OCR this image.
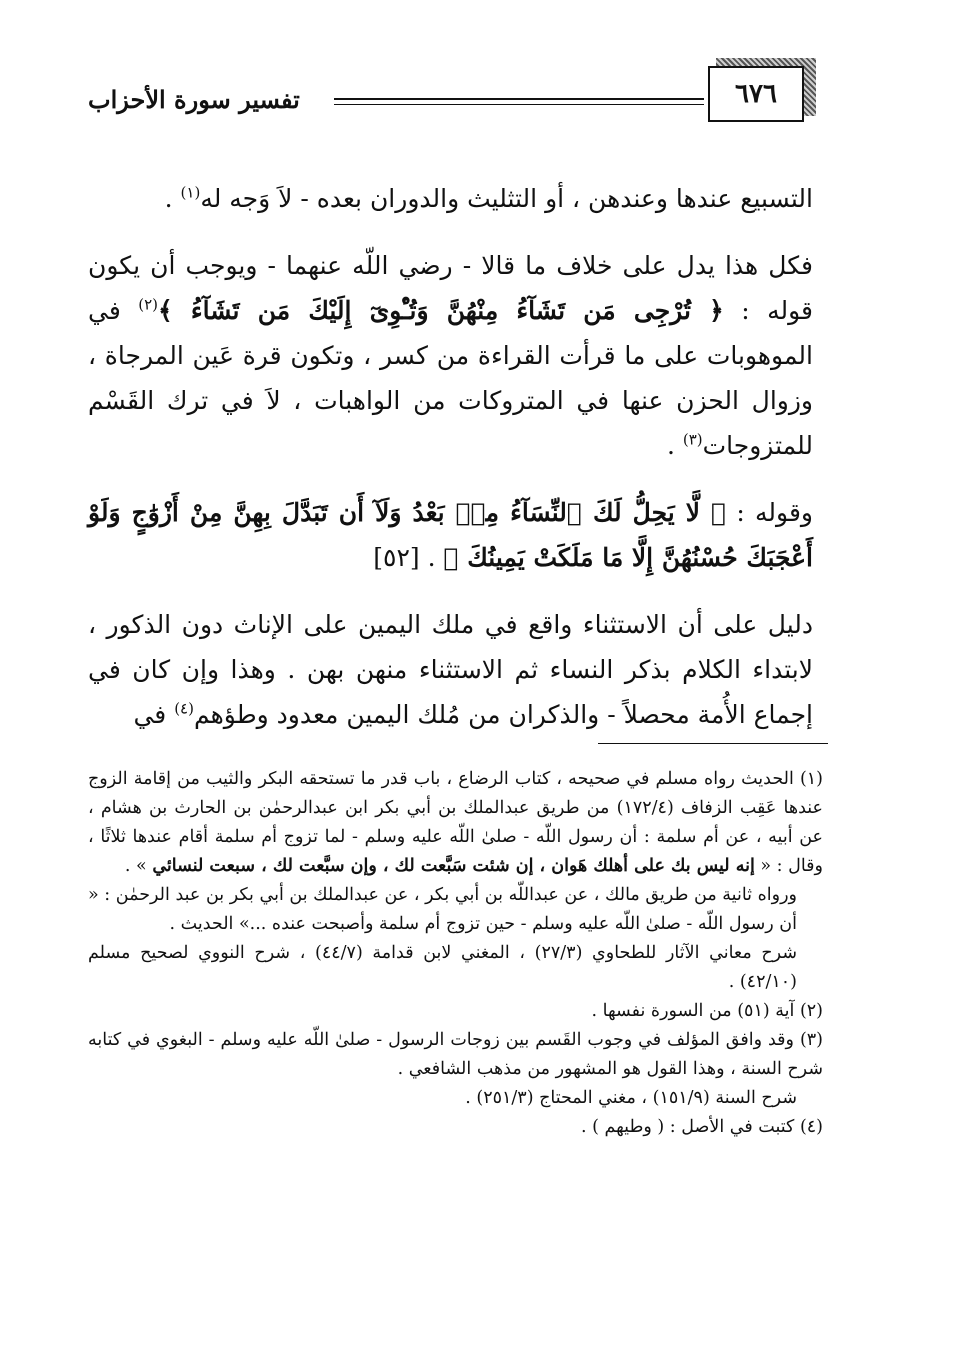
٦٧٦
تفسير سورة الأحزاب

التسبيع عندها وعندهن ، أو التثليث والدوران بعده - لاَ وَجه له$^{(١)}$ .

فكل هذا يدل على خلاف ما قالا - رضي اللّه عنهما - ويوجب أن يكون قوله : ﴿ تُرْجِى مَن تَشَآءُ مِنْهُنَّ وَتُـْٔوِىٓ إِلَيْكَ مَن تَشَآءُ ﴾$^{(٢)}$ في الموهوبات على ما قرأت القراءة من كسر ، وتكون قرة عَين المرجاة ، وزوال الحزن عنها في المتروكات من الواهبات ، لاَ في ترك القَسْم للمتزوجات$^{(٣)}$ .

وقوله : ﴿ لَّا يَحِلُّ لَكَ ٱلنِّسَآءُ مِنۢ بَعْدُ وَلَآ أَن تَبَدَّلَ بِهِنَّ مِنْ أَزْوَٰجٍ وَلَوْ أَعْجَبَكَ حُسْنُهُنَّ إِلَّا مَا مَلَكَتْ يَمِينُكَ ﴾ . [٥٢]

دليل على أن الاستثناء واقع في ملك اليمين على الإناث دون الذكور ، لابتداء الكلام بذكر النساء ثم الاستثناء منهن بهن . وهذا وإن كان في إجماع الأُمة محصلاً - والذكران من مُلك اليمين معدود وطؤهم$^{(٤)}$ في

(١) الحديث رواه مسلم في صحيحه ، كتاب الرضاع ، باب قدر ما تستحقه البكر والثيب من إقامة الزوج عندها عَقِب الزفاف (١٧٢/٤) من طريق عبدالملك بن أبي بكر ابن عبدالرحمٰن بن الحارث بن هشام ، عن أبيه ، عن أم سلمة : أن رسول اللّه - صلىٰ اللّه عليه وسلم - لما تزوج أم سلمة أقام عندها ثلاثًا ، وقال : « إنه ليس بك على أهلك هَوان ، إن شئت سَبَّعت لك ، وإن سبَّعت لك ، سبعت لنسائي » .

ورواه ثانية من طريق مالك ، عن عبداللّه بن أبي بكر ، عن عبدالملك بن أبي بكر بن عبد الرحمٰن : « أن رسول اللّه - صلىٰ اللّه عليه وسلم - حين تزوج أم سلمة وأصبحت عنده ...» الحديث .

شرح معاني الآثار للطحاوي (٢٧/٣) ، المغني لابن قدامة (٤٤/٧) ، شرح النووي لصحيح مسلم (٤٢/١٠) .

(٢) آية (٥١) من السورة نفسها .

(٣) وقد وافق المؤلف في وجوب القَسم بين زوجات الرسول - صلىٰ اللّه عليه وسلم - البغوي في كتابه شرح السنة ، وهذا القول هو المشهور من مذهب الشافعي .

شرح السنة (١٥١/٩) ، مغني المحتاج (٢٥١/٣) .

(٤) كتبت في الأصل : ( وطيهم ) .
